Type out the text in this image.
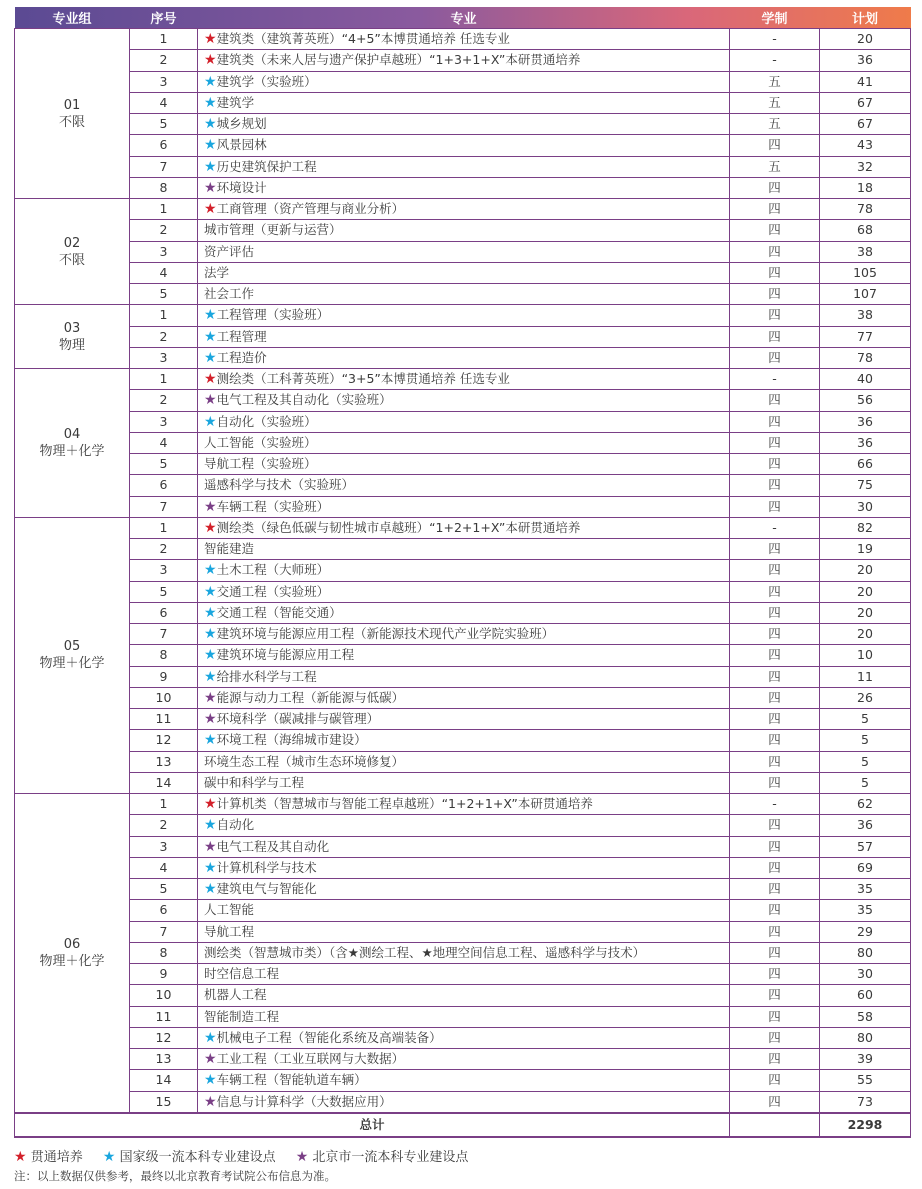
专业组	序号	专业	学制	计划

01
不限	1	★建筑类（建筑菁英班）“4+5”本博贯通培养 任选专业	-	20
	2	★建筑类（未来人居与遗产保护卓越班）“1+3+1+X”本研贯通培养	-	36
	3	★建筑学（实验班）	五	41
	4	★建筑学	五	67
	5	★城乡规划	五	67
	6	★风景园林	四	43
	7	★历史建筑保护工程	五	32
	8	★环境设计	四	18

02
不限	1	★工商管理（资产管理与商业分析）	四	78
	2	城市管理（更新与运营）	四	68
	3	资产评估	四	38
	4	法学	四	105
	5	社会工作	四	107

03
物理	1	★工程管理（实验班）	四	38
	2	★工程管理	四	77
	3	★工程造价	四	78

04
物理＋化学	1	★测绘类（工科菁英班）“3+5”本博贯通培养 任选专业	-	40
	2	★电气工程及其自动化（实验班）	四	56
	3	★自动化（实验班）	四	36
	4	人工智能（实验班）	四	36
	5	导航工程（实验班）	四	66
	6	遥感科学与技术（实验班）	四	75
	7	★车辆工程（实验班）	四	30

05
物理＋化学	1	★测绘类（绿色低碳与韧性城市卓越班）“1+2+1+X”本研贯通培养	-	82
	2	智能建造	四	19
	3	★土木工程（大师班）	四	20
	5	★交通工程（实验班）	四	20
	6	★交通工程（智能交通）	四	20
	7	★建筑环境与能源应用工程（新能源技术现代产业学院实验班）	四	20
	8	★建筑环境与能源应用工程	四	10
	9	★给排水科学与工程	四	11
	10	★能源与动力工程（新能源与低碳）	四	26
	11	★环境科学（碳减排与碳管理）	四	5
	12	★环境工程（海绵城市建设）	四	5
	13	环境生态工程（城市生态环境修复）	四	5
	14	碳中和科学与工程	四	5

06
物理＋化学	1	★计算机类（智慧城市与智能工程卓越班）“1+2+1+X”本研贯通培养	-	62
	2	★自动化	四	36
	3	★电气工程及其自动化	四	57
	4	★计算机科学与技术	四	69
	5	★建筑电气与智能化	四	35
	6	人工智能	四	35
	7	导航工程	四	29
	8	测绘类（智慧城市类）（含★测绘工程、★地理空间信息工程、遥感科学与技术）	四	80
	9	时空信息工程	四	30
	10	机器人工程	四	60
	11	智能制造工程	四	58
	12	★机械电子工程（智能化系统及高端装备）	四	80
	13	★工业工程（工业互联网与大数据）	四	39
	14	★车辆工程（智能轨道车辆）	四	55
	15	★信息与计算科学（大数据应用）	四	73
总计		2298
★ 贯通培养 ★ 国家级一流本科专业建设点 ★ 北京市一流本科专业建设点
注：以上数据仅供参考，最终以北京教育考试院公布信息为准。
